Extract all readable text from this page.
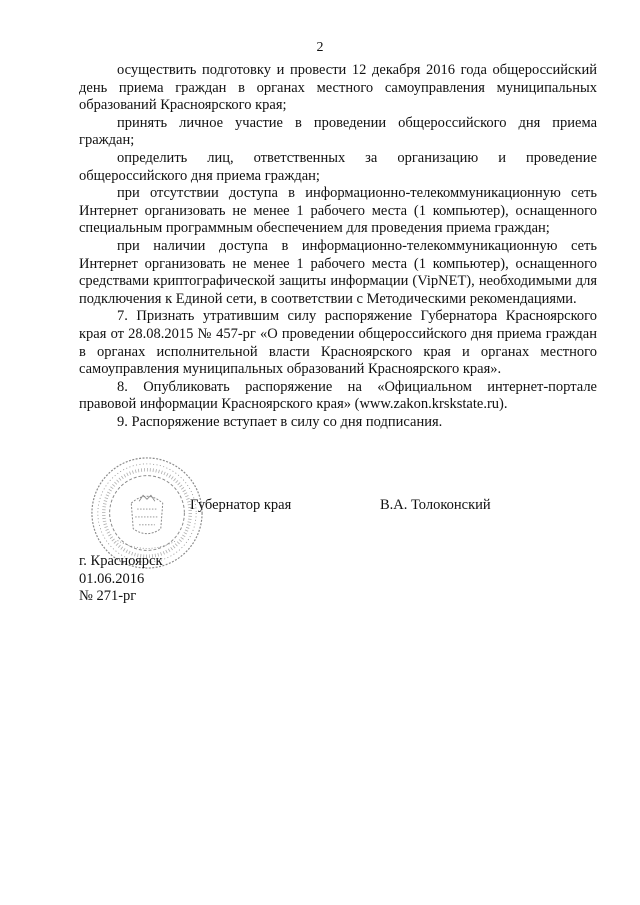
2

осуществить подготовку и провести 12 декабря 2016 года общероссийский день приема граждан в органах местного самоуправления муниципальных образований Красноярского края;

принять личное участие в проведении общероссийского дня приема граждан;

определить лиц, ответственных за организацию и проведение общероссийского дня приема граждан;

при отсутствии доступа в информационно-телекоммуникационную сеть Интернет организовать не менее 1 рабочего места (1 компьютер), оснащенного специальным программным обеспечением для проведения приема граждан;

при наличии доступа в информационно-телекоммуникационную сеть Интернет организовать не менее 1 рабочего места (1 компьютер), оснащенного средствами криптографической защиты информации (VipNET), необходимыми для подключения к Единой сети, в соответствии с Методическими рекомендациями.

7. Признать утратившим силу распоряжение Губернатора Красноярского края от 28.08.2015 № 457-рг «О проведении общероссийского дня приема граждан в органах исполнительной власти Красноярского края и органах местного самоуправления муниципальных образований Красноярского края».

8. Опубликовать распоряжение на «Официальном интернет-портале правовой информации Красноярского края» (www.zakon.krskstate.ru).

9. Распоряжение вступает в силу со дня подписания.

Губернатор края	В.А. Толоконский
г. Красноярск
01.06.2016
№ 271-рг
